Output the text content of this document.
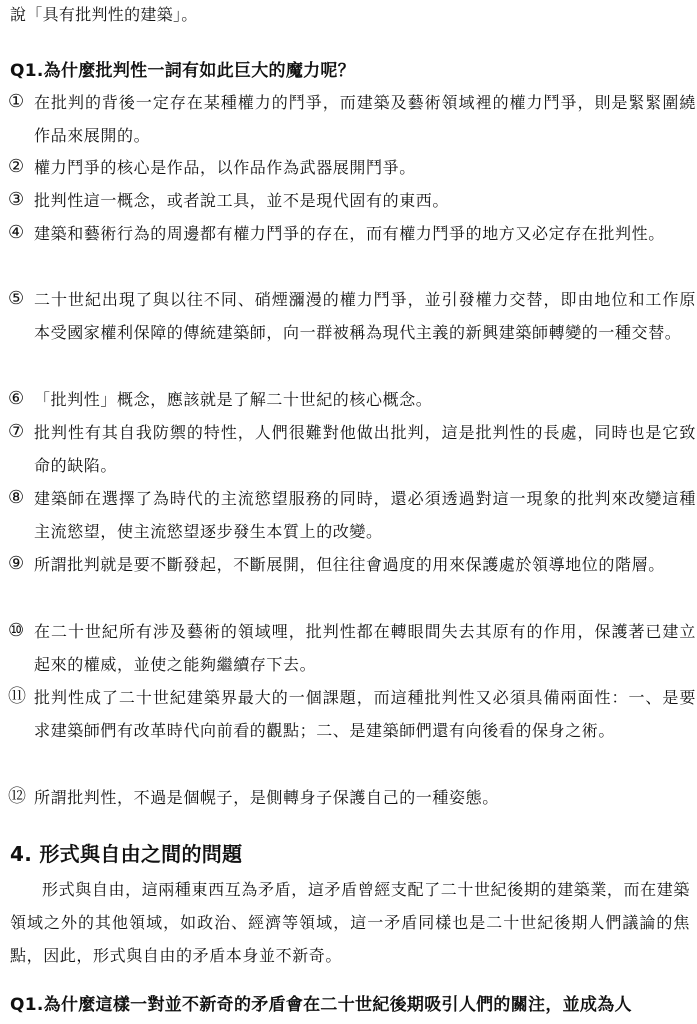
說「具有批判性的建築」。
Q1.為什麼批判性一詞有如此巨大的魔力呢？
① 在批判的背後一定存在某種權力的鬥爭，而建築及藝術領域裡的權力鬥爭，則是緊緊圍繞作品來展開的。
② 權力鬥爭的核心是作品，以作品作為武器展開鬥爭。
③ 批判性這一概念，或者說工具，並不是現代固有的東西。
④ 建築和藝術行為的周邊都有權力鬥爭的存在，而有權力鬥爭的地方又必定存在批判性。
⑤ 二十世紀出現了與以往不同、硝煙瀰漫的權力鬥爭，並引發權力交替，即由地位和工作原本受國家權利保障的傳統建築師，向一群被稱為現代主義的新興建築師轉變的一種交替。
⑥ 「批判性」概念，應該就是了解二十世紀的核心概念。
⑦ 批判性有其自我防禦的特性，人們很難對他做出批判，這是批判性的長處，同時也是它致命的缺陷。
⑧ 建築師在選擇了為時代的主流慾望服務的同時，還必須透過對這一現象的批判來改變這種主流慾望，使主流慾望逐步發生本質上的改變。
⑨ 所謂批判就是要不斷發起，不斷展開，但往往會過度的用來保護處於領導地位的階層。
⑩ 在二十世紀所有涉及藝術的領域哩，批判性都在轉眼間失去其原有的作用，保護著已建立起來的權威，並使之能夠繼續存下去。
⑪ 批判性成了二十世紀建築界最大的一個課題，而這種批判性又必須具備兩面性：一、是要求建築師們有改革時代向前看的觀點；二、是建築師們還有向後看的保身之術。
⑫ 所謂批判性，不過是個幌子，是側轉身子保護自己的一種姿態。
4. 形式與自由之間的問題
形式與自由，這兩種東西互為矛盾，這矛盾曾經支配了二十世紀後期的建築業，而在建築領域之外的其他領域，如政治、經濟等領域，這一矛盾同樣也是二十世紀後期人們議論的焦點，因此，形式與自由的矛盾本身並不新奇。
Q1.為什麼這樣一對並不新奇的矛盾會在二十世紀後期吸引人們的關注，並成為人
